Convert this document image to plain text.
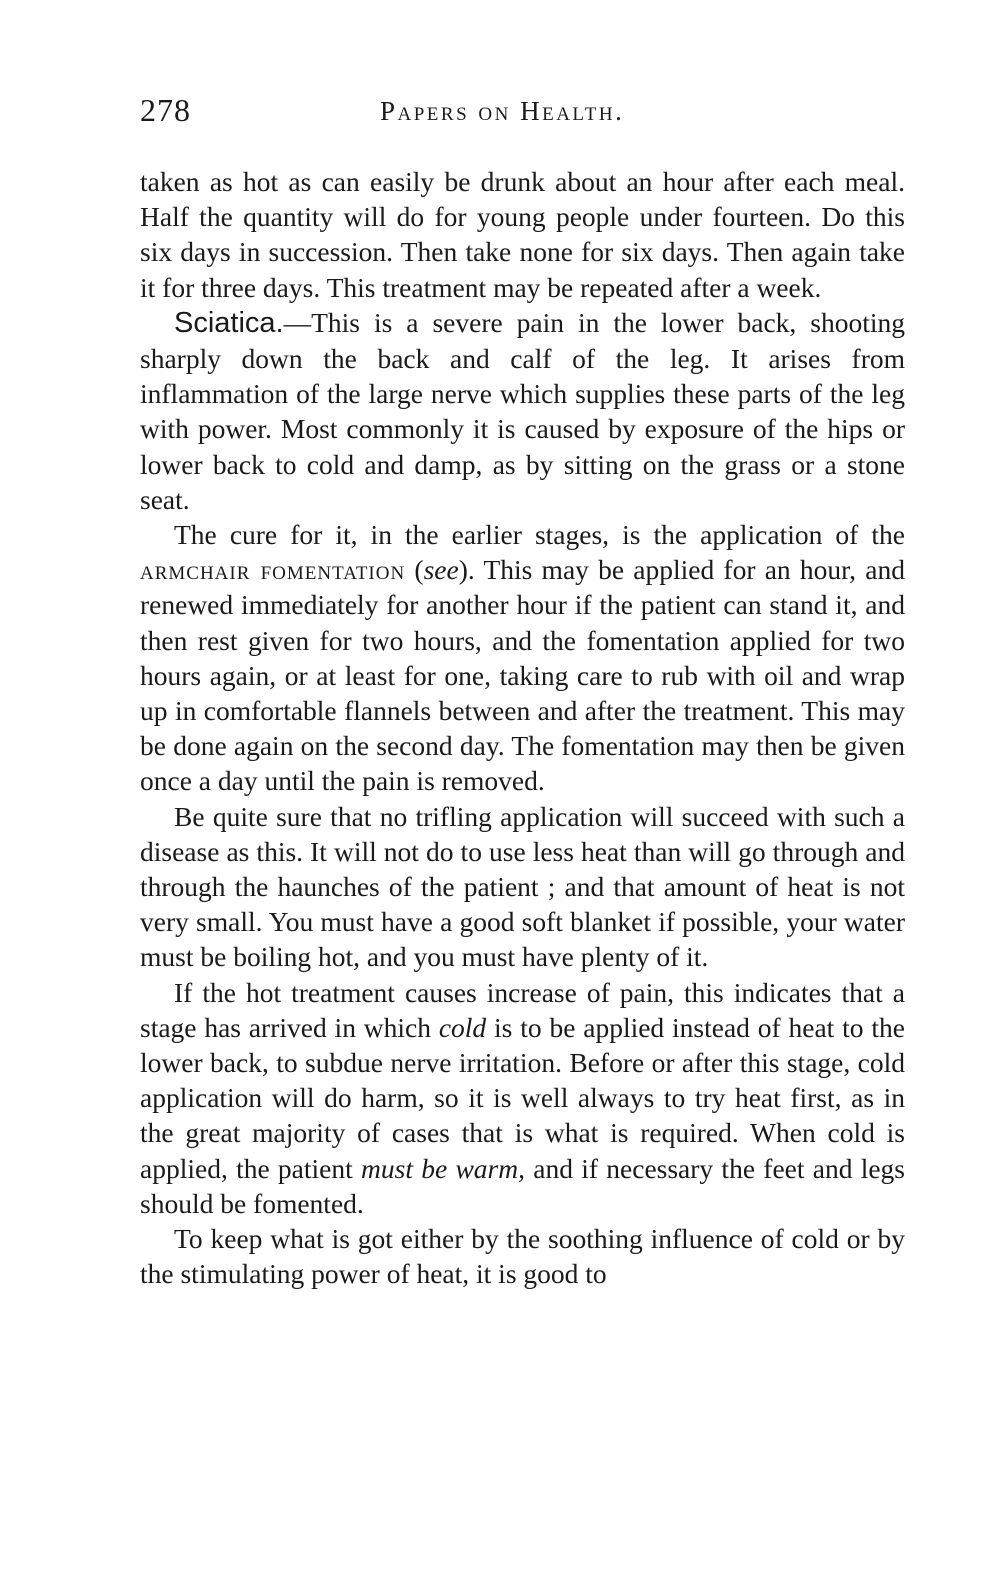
278	Papers on Health.

taken as hot as can easily be drunk about an hour after each meal. Half the quantity will do for young people under fourteen. Do this six days in succession. Then take none for six days. Then again take it for three days. This treatment may be repeated after a week.

Sciatica.—This is a severe pain in the lower back, shooting sharply down the back and calf of the leg. It arises from inflammation of the large nerve which supplies these parts of the leg with power. Most commonly it is caused by exposure of the hips or lower back to cold and damp, as by sitting on the grass or a stone seat.

The cure for it, in the earlier stages, is the application of the armchair fomentation (see). This may be applied for an hour, and renewed immediately for another hour if the patient can stand it, and then rest given for two hours, and the fomentation applied for two hours again, or at least for one, taking care to rub with oil and wrap up in comfortable flannels between and after the treatment. This may be done again on the second day. The fomentation may then be given once a day until the pain is removed.

Be quite sure that no trifling application will succeed with such a disease as this. It will not do to use less heat than will go through and through the haunches of the patient ; and that amount of heat is not very small. You must have a good soft blanket if possible, your water must be boiling hot, and you must have plenty of it.

If the hot treatment causes increase of pain, this indicates that a stage has arrived in which cold is to be applied instead of heat to the lower back, to subdue nerve irritation. Before or after this stage, cold application will do harm, so it is well always to try heat first, as in the great majority of cases that is what is required. When cold is applied, the patient must be warm, and if necessary the feet and legs should be fomented.

To keep what is got either by the soothing influence of cold or by the stimulating power of heat, it is good to
